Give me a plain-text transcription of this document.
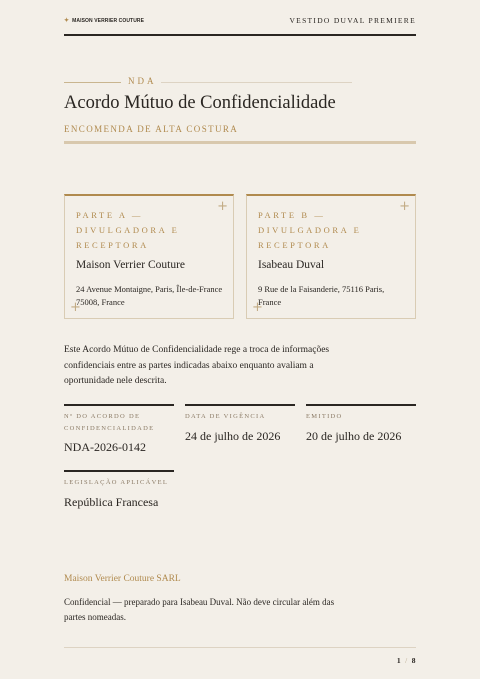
✦ MAISON VERRIER COUTURE	VESTIDO DUVAL PREMIERE
NDA
Acordo Mútuo de Confidencialidade
ENCOMENDA DE ALTA COSTURA
+
PARTE A — DIVULGADORA E RECEPTORA
Maison Verrier Couture
24 Avenue Montaigne, Paris, Île-de-France 75008, France
+
+
PARTE B — DIVULGADORA E RECEPTORA
Isabeau Duval
9 Rue de la Faisanderie, 75116 Paris, France
+
Este Acordo Mútuo de Confidencialidade rege a troca de informações confidenciais entre as partes indicadas abaixo enquanto avaliam a oportunidade nele descrita.
Nº DO ACORDO DE CONFIDENCIALIDADE
NDA-2026-0142
DATA DE VIGÊNCIA
24 de julho de 2026
EMITIDO
20 de julho de 2026
LEGISLAÇÃO APLICÁVEL
República Francesa
Maison Verrier Couture SARL
Confidencial — preparado para Isabeau Duval. Não deve circular além das partes nomeadas.
1 / 8
